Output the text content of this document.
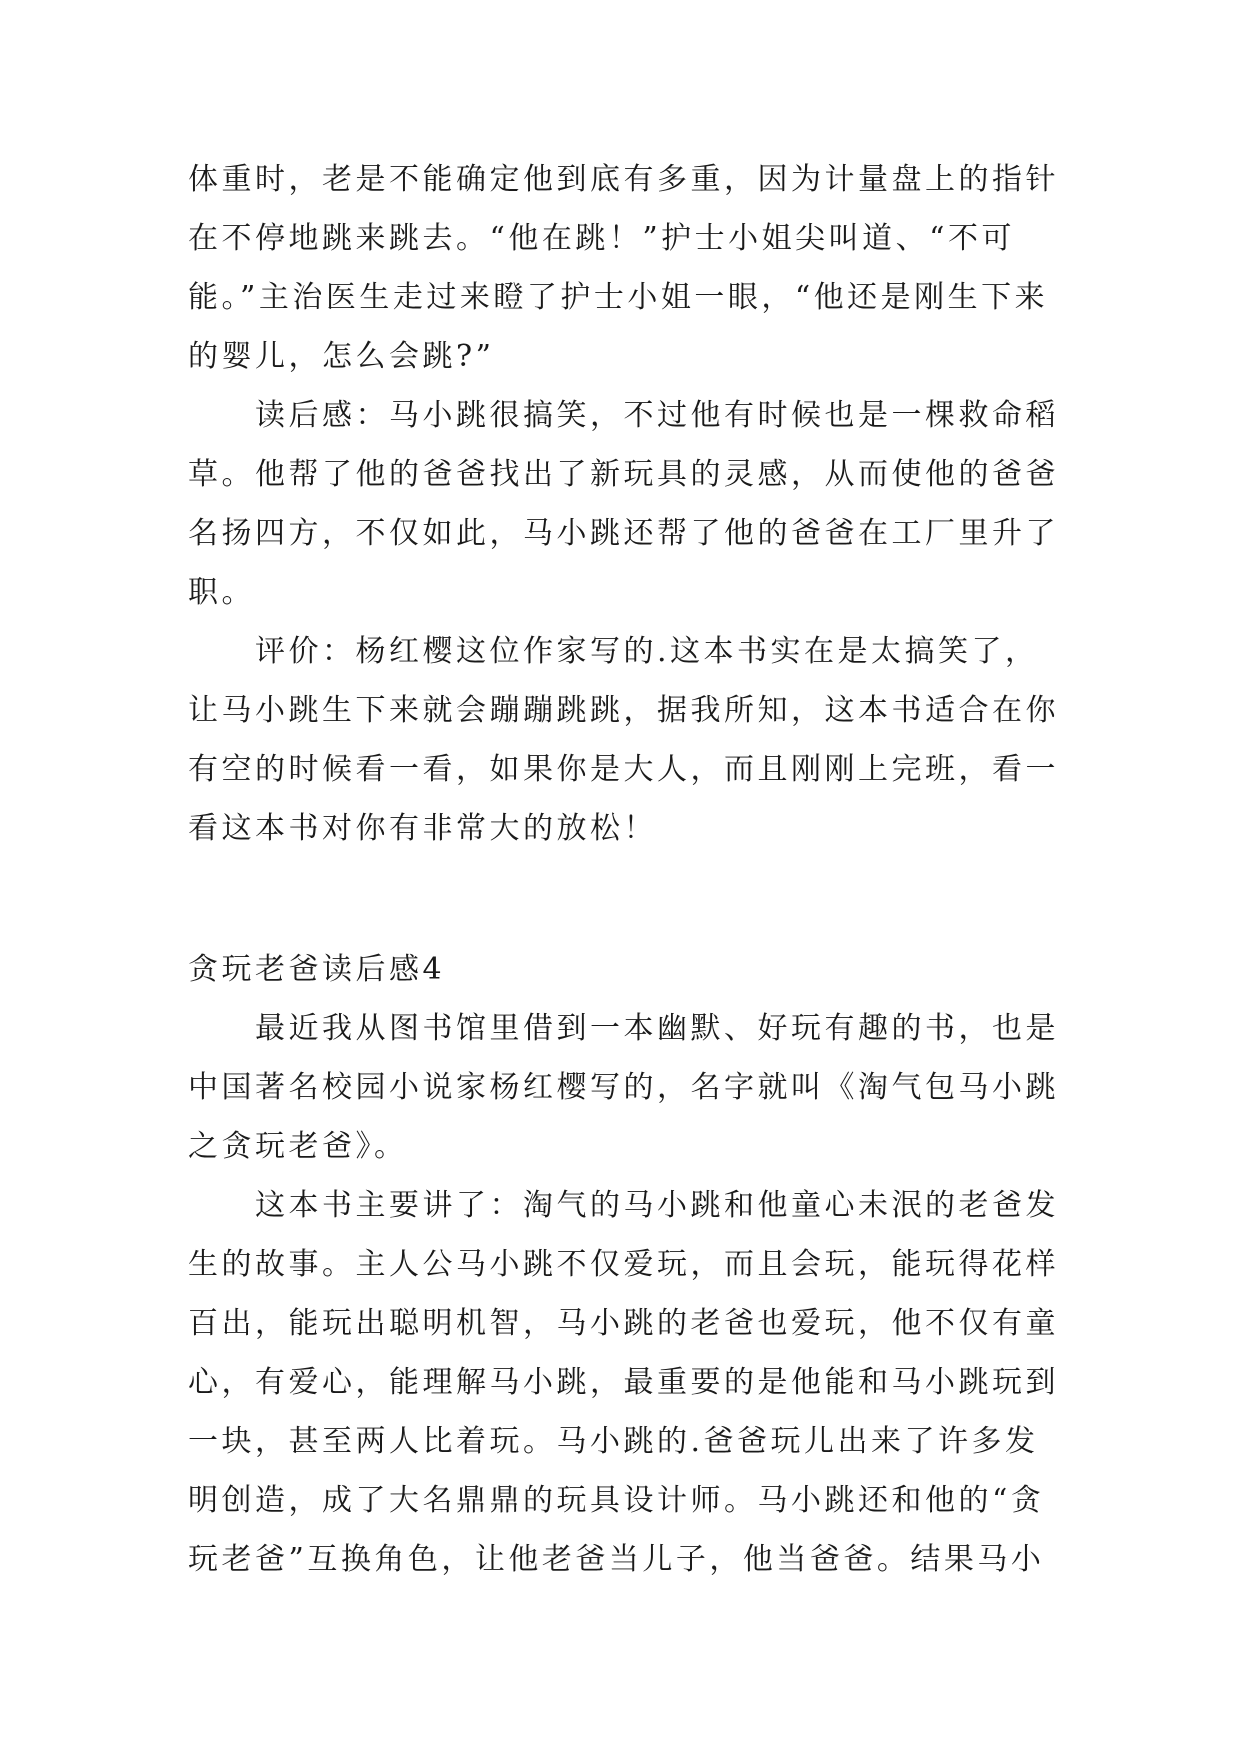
体重时，老是不能确定他到底有多重，因为计量盘上的指针
在不停地跳来跳去。“他在跳！”护士小姐尖叫道、“不可
能。”主治医生走过来瞪了护士小姐一眼，“他还是刚生下来
的婴儿，怎么会跳?”
　　读后感：马小跳很搞笑，不过他有时候也是一棵救命稻
草。他帮了他的爸爸找出了新玩具的灵感，从而使他的爸爸
名扬四方，不仅如此，马小跳还帮了他的爸爸在工厂里升了
职。
　　评价：杨红樱这位作家写的.这本书实在是太搞笑了，
让马小跳生下来就会蹦蹦跳跳，据我所知，这本书适合在你
有空的时候看一看，如果你是大人，而且刚刚上完班，看一
看这本书对你有非常大的放松！
贪玩老爸读后感4
　　最近我从图书馆里借到一本幽默、好玩有趣的书，也是
中国著名校园小说家杨红樱写的，名字就叫《淘气包马小跳
之贪玩老爸》。
　　这本书主要讲了：淘气的马小跳和他童心未泯的老爸发
生的故事。主人公马小跳不仅爱玩，而且会玩，能玩得花样
百出，能玩出聪明机智，马小跳的老爸也爱玩，他不仅有童
心，有爱心，能理解马小跳，最重要的是他能和马小跳玩到
一块，甚至两人比着玩。马小跳的.爸爸玩儿出来了许多发
明创造，成了大名鼎鼎的玩具设计师。马小跳还和他的“贪
玩老爸”互换角色，让他老爸当儿子，他当爸爸。结果马小
